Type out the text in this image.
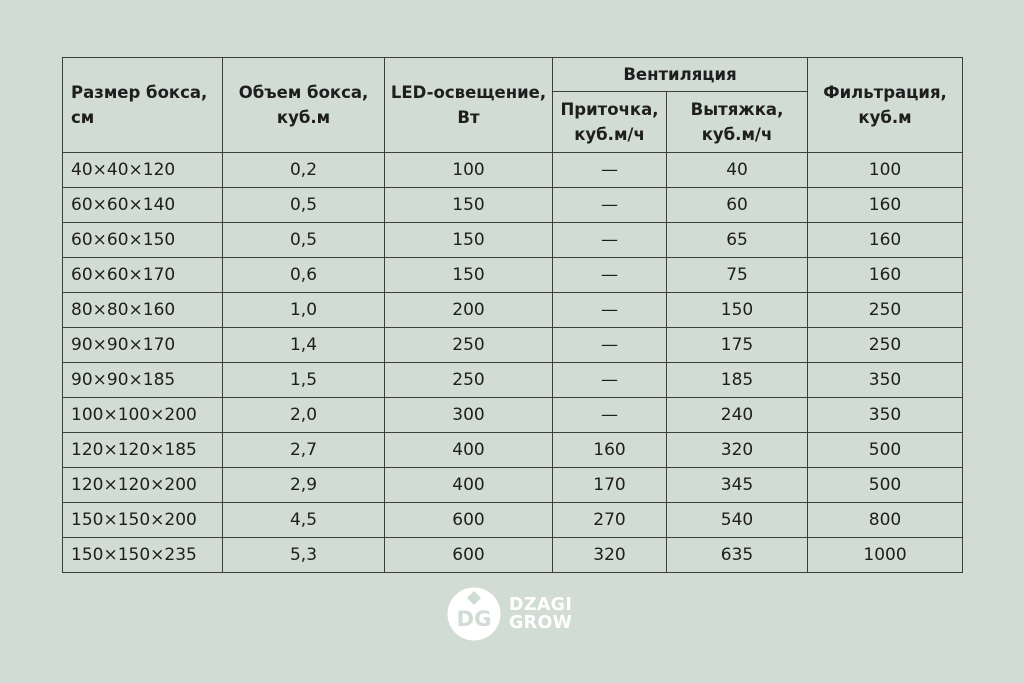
Размер бокса, см	Объем бокса, куб.м	LED-освещение, Вт	Вентиляция		Фильтрация, куб.м
			Приточка, куб.м/ч	Вытяжка, куб.м/ч	
40×40×120	0,2	100	—	40	100
60×60×140	0,5	150	—	60	160
60×60×150	0,5	150	—	65	160
60×60×170	0,6	150	—	75	160
80×80×160	1,0	200	—	150	250
90×90×170	1,4	250	—	175	250
90×90×185	1,5	250	—	185	350
100×100×200	2,0	300	—	240	350
120×120×185	2,7	400	160	320	500
120×120×200	2,9	400	170	345	500
150×150×200	4,5	600	270	540	800
150×150×235	5,3	600	320	635	1000
DG
DZAGI
GROW
